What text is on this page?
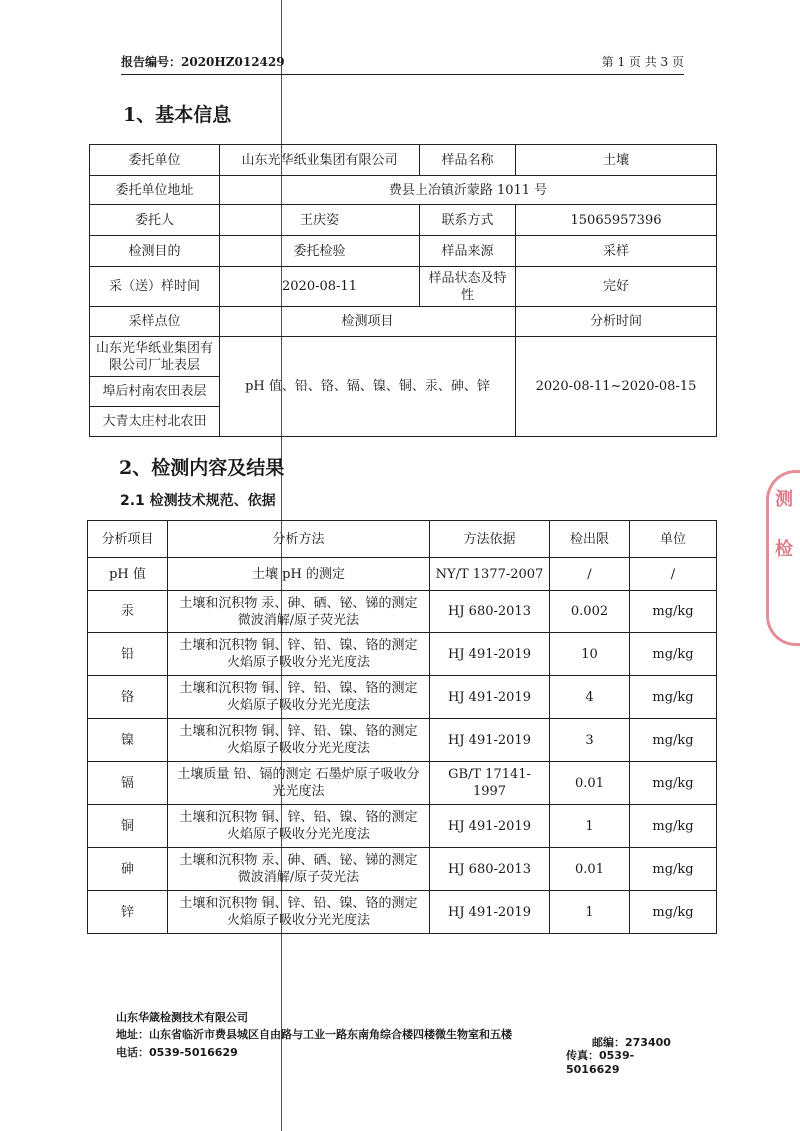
报告编号：2020HZ012429	第 1 页 共 3 页
1、基本信息
委托单位	山东光华纸业集团有限公司	样品名称	土壤
委托单位地址	费县上冶镇沂蒙路 1011 号		
委托人	王庆姿	联系方式	15065957396
检测目的	委托检验	样品来源	采样
采（送）样时间	2020-08-11	样品状态及特性	完好
采样点位	检测项目		分析时间
山东光华纸业集团有限公司厂址表层	pH 值、铅、铬、镉、镍、铜、汞、砷、锌		2020-08-11~2020-08-15
埠后村南农田表层			
大青太庄村北农田			
2、检测内容及结果
2.1 检测技术规范、依据
分析项目	分析方法	方法依据	检出限	单位
pH 值	土壤 pH 的测定	NY/T 1377-2007	/	/
汞	土壤和沉积物 汞、砷、硒、铋、锑的测定 微波消解/原子荧光法	HJ 680-2013	0.002	mg/kg
铅	土壤和沉积物 铜、锌、铅、镍、铬的测定 火焰原子吸收分光光度法	HJ 491-2019	10	mg/kg
铬	土壤和沉积物 铜、锌、铅、镍、铬的测定 火焰原子吸收分光光度法	HJ 491-2019	4	mg/kg
镍	土壤和沉积物 铜、锌、铅、镍、铬的测定 火焰原子吸收分光光度法	HJ 491-2019	3	mg/kg
镉	土壤质量 铅、镉的测定 石墨炉原子吸收分光光度法	GB/T 17141-1997	0.01	mg/kg
铜	土壤和沉积物 铜、锌、铅、镍、铬的测定 火焰原子吸收分光光度法	HJ 491-2019	1	mg/kg
砷	土壤和沉积物 汞、砷、硒、铋、锑的测定 微波消解/原子荧光法	HJ 680-2013	0.01	mg/kg
锌	土壤和沉积物 铜、锌、铅、镍、铬的测定 火焰原子吸收分光光度法	HJ 491-2019	1	mg/kg
测
检
山东华箴检测技术有限公司
地址：山东省临沂市费县城区自由路与工业一路东南角综合楼四楼微生物室和五楼
邮编：273400
电话：0539-5016629	传真：0539-5016629
